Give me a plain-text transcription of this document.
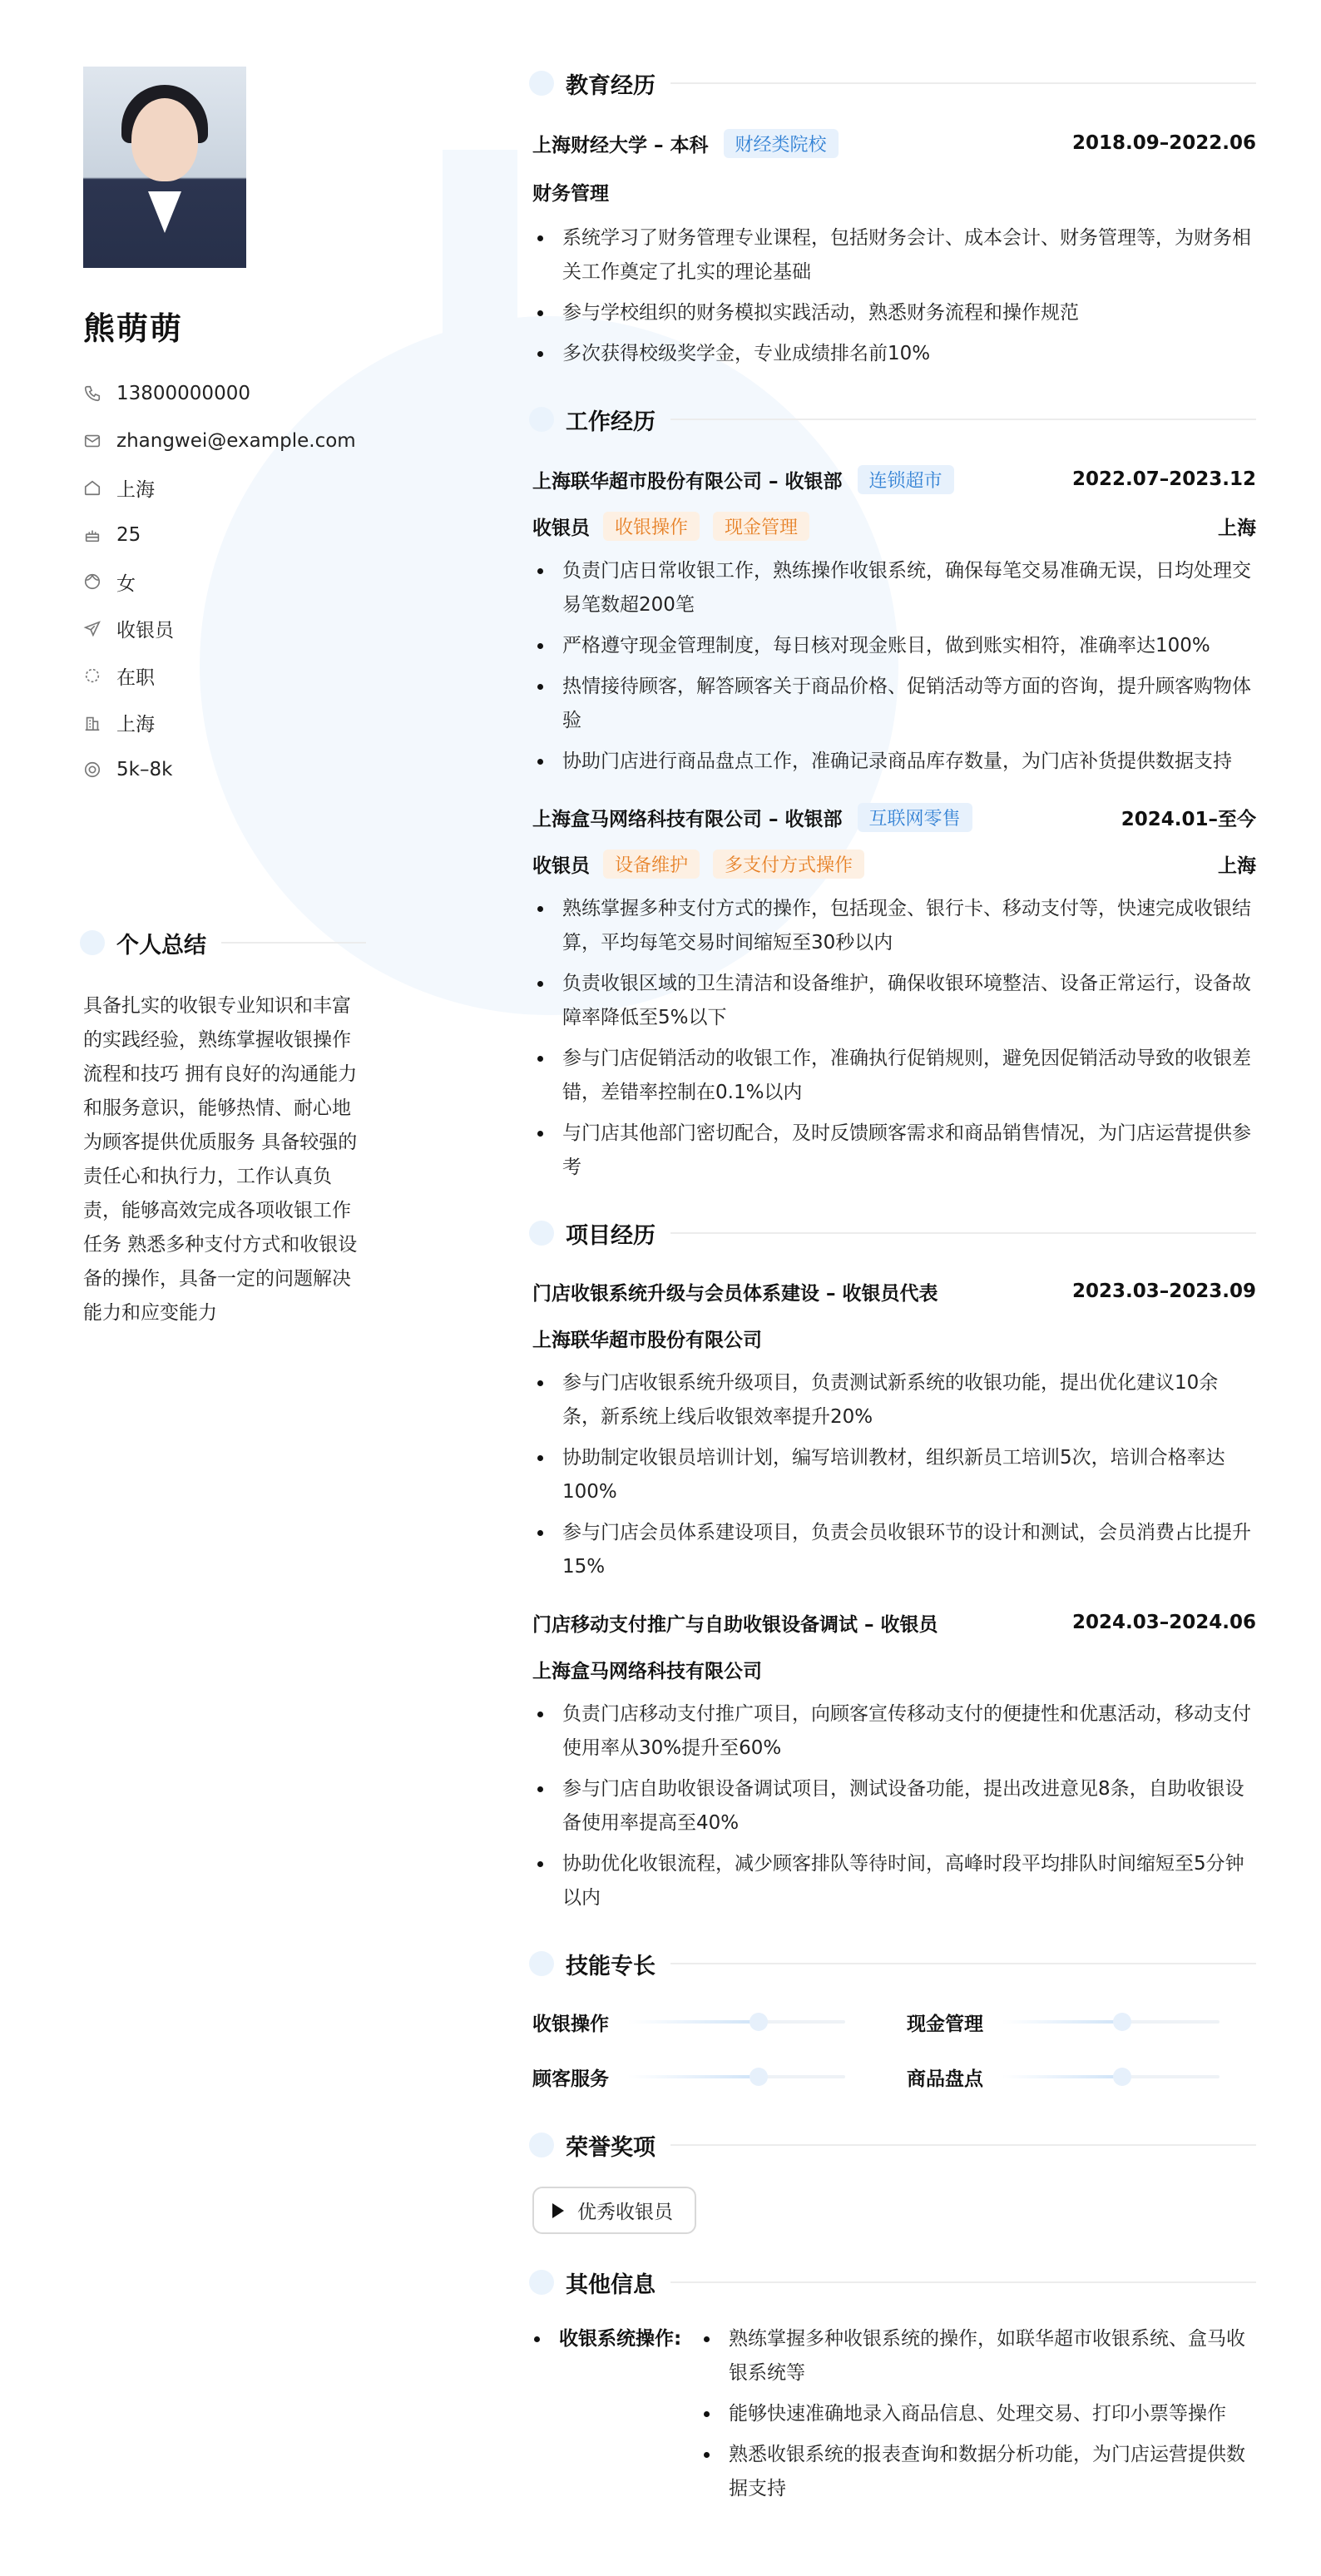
熊萌萌
13800000000
zhangwei@example.com
上海
25
女
收银员
在职
上海
5k–8k
个人总结
具备扎实的收银专业知识和丰富的实践经验，熟练掌握收银操作流程和技巧 拥有良好的沟通能力和服务意识，能够热情、耐心地为顾客提供优质服务 具备较强的责任心和执行力，工作认真负责，能够高效完成各项收银工作任务 熟悉多种支付方式和收银设备的操作，具备一定的问题解决能力和应变能力
教育经历
上海财经大学 – 本科	财经类院校	2018.09–2022.06
财务管理
系统学习了财务管理专业课程，包括财务会计、成本会计、财务管理等，为财务相关工作奠定了扎实的理论基础
参与学校组织的财务模拟实践活动，熟悉财务流程和操作规范
多次获得校级奖学金，专业成绩排名前10%
工作经历
上海联华超市股份有限公司 – 收银部	连锁超市	2022.07–2023.12
收银员	收银操作	现金管理	上海
负责门店日常收银工作，熟练操作收银系统，确保每笔交易准确无误，日均处理交易笔数超200笔
严格遵守现金管理制度，每日核对现金账目，做到账实相符，准确率达100%
热情接待顾客，解答顾客关于商品价格、促销活动等方面的咨询，提升顾客购物体验
协助门店进行商品盘点工作，准确记录商品库存数量，为门店补货提供数据支持
上海盒马网络科技有限公司 – 收银部	互联网零售	2024.01–至今
收银员	设备维护	多支付方式操作	上海
熟练掌握多种支付方式的操作，包括现金、银行卡、移动支付等，快速完成收银结算，平均每笔交易时间缩短至30秒以内
负责收银区域的卫生清洁和设备维护，确保收银环境整洁、设备正常运行，设备故障率降低至5%以下
参与门店促销活动的收银工作，准确执行促销规则，避免因促销活动导致的收银差错，差错率控制在0.1%以内
与门店其他部门密切配合，及时反馈顾客需求和商品销售情况，为门店运营提供参考
项目经历
门店收银系统升级与会员体系建设 – 收银员代表	2023.03–2023.09
上海联华超市股份有限公司
参与门店收银系统升级项目，负责测试新系统的收银功能，提出优化建议10余条，新系统上线后收银效率提升20%
协助制定收银员培训计划，编写培训教材，组织新员工培训5次，培训合格率达100%
参与门店会员体系建设项目，负责会员收银环节的设计和测试，会员消费占比提升15%
门店移动支付推广与自助收银设备调试 – 收银员	2024.03–2024.06
上海盒马网络科技有限公司
负责门店移动支付推广项目，向顾客宣传移动支付的便捷性和优惠活动，移动支付使用率从30%提升至60%
参与门店自助收银设备调试项目，测试设备功能，提出改进意见8条，自助收银设备使用率提高至40%
协助优化收银流程，减少顾客排队等待时间，高峰时段平均排队时间缩短至5分钟以内
技能专长
收银操作	现金管理
顾客服务	商品盘点
荣誉奖项
优秀收银员
其他信息
收银系统操作:	熟练掌握多种收银系统的操作，如联华超市收银系统、盒马收银系统等
能够快速准确地录入商品信息、处理交易、打印小票等操作
熟悉收银系统的报表查询和数据分析功能，为门店运营提供数据支持
